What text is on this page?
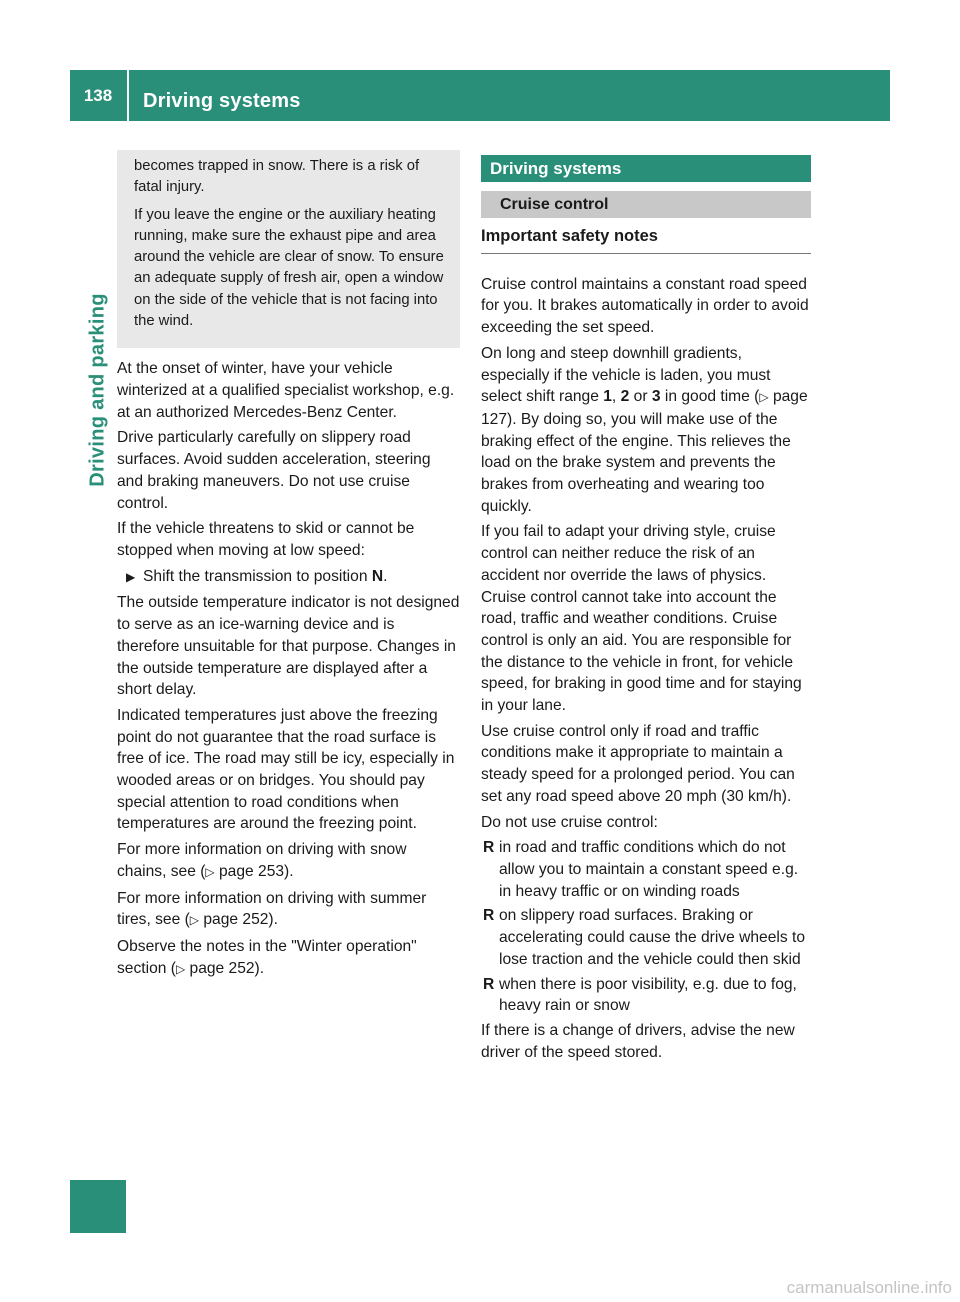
138	Driving systems
Driving and parking

becomes trapped in snow. There is a risk of fatal injury.

If you leave the engine or the auxiliary heating running, make sure the exhaust pipe and area around the vehicle are clear of snow. To ensure an adequate supply of fresh air, open a window on the side of the vehicle that is not facing into the wind.

At the onset of winter, have your vehicle winterized at a qualified specialist workshop, e.g. at an authorized Mercedes-Benz Center.

Drive particularly carefully on slippery road surfaces. Avoid sudden acceleration, steering and braking maneuvers. Do not use cruise control.

If the vehicle threatens to skid or cannot be stopped when moving at low speed:

▶ Shift the transmission to position N.

The outside temperature indicator is not designed to serve as an ice-warning device and is therefore unsuitable for that purpose. Changes in the outside temperature are displayed after a short delay.

Indicated temperatures just above the freezing point do not guarantee that the road surface is free of ice. The road may still be icy, especially in wooded areas or on bridges. You should pay special attention to road conditions when temperatures are around the freezing point.

For more information on driving with snow chains, see (▷ page 253).

For more information on driving with summer tires, see (▷ page 252).

Observe the notes in the "Winter operation" section (▷ page 252).

Driving systems
Cruise control
Important safety notes

Cruise control maintains a constant road speed for you. It brakes automatically in order to avoid exceeding the set speed.

On long and steep downhill gradients, especially if the vehicle is laden, you must select shift range 1, 2 or 3 in good time (▷ page 127). By doing so, you will make use of the braking effect of the engine. This relieves the load on the brake system and prevents the brakes from overheating and wearing too quickly.

If you fail to adapt your driving style, cruise control can neither reduce the risk of an accident nor override the laws of physics. Cruise control cannot take into account the road, traffic and weather conditions. Cruise control is only an aid. You are responsible for the distance to the vehicle in front, for vehicle speed, for braking in good time and for staying in your lane.

Use cruise control only if road and traffic conditions make it appropriate to maintain a steady speed for a prolonged period. You can set any road speed above 20 mph (30 km/h).

Do not use cruise control:

R in road and traffic conditions which do not allow you to maintain a constant speed e.g. in heavy traffic or on winding roads
R on slippery road surfaces. Braking or accelerating could cause the drive wheels to lose traction and the vehicle could then skid
R when there is poor visibility, e.g. due to fog, heavy rain or snow

If there is a change of drivers, advise the new driver of the speed stored.

carmanualsonline.info
